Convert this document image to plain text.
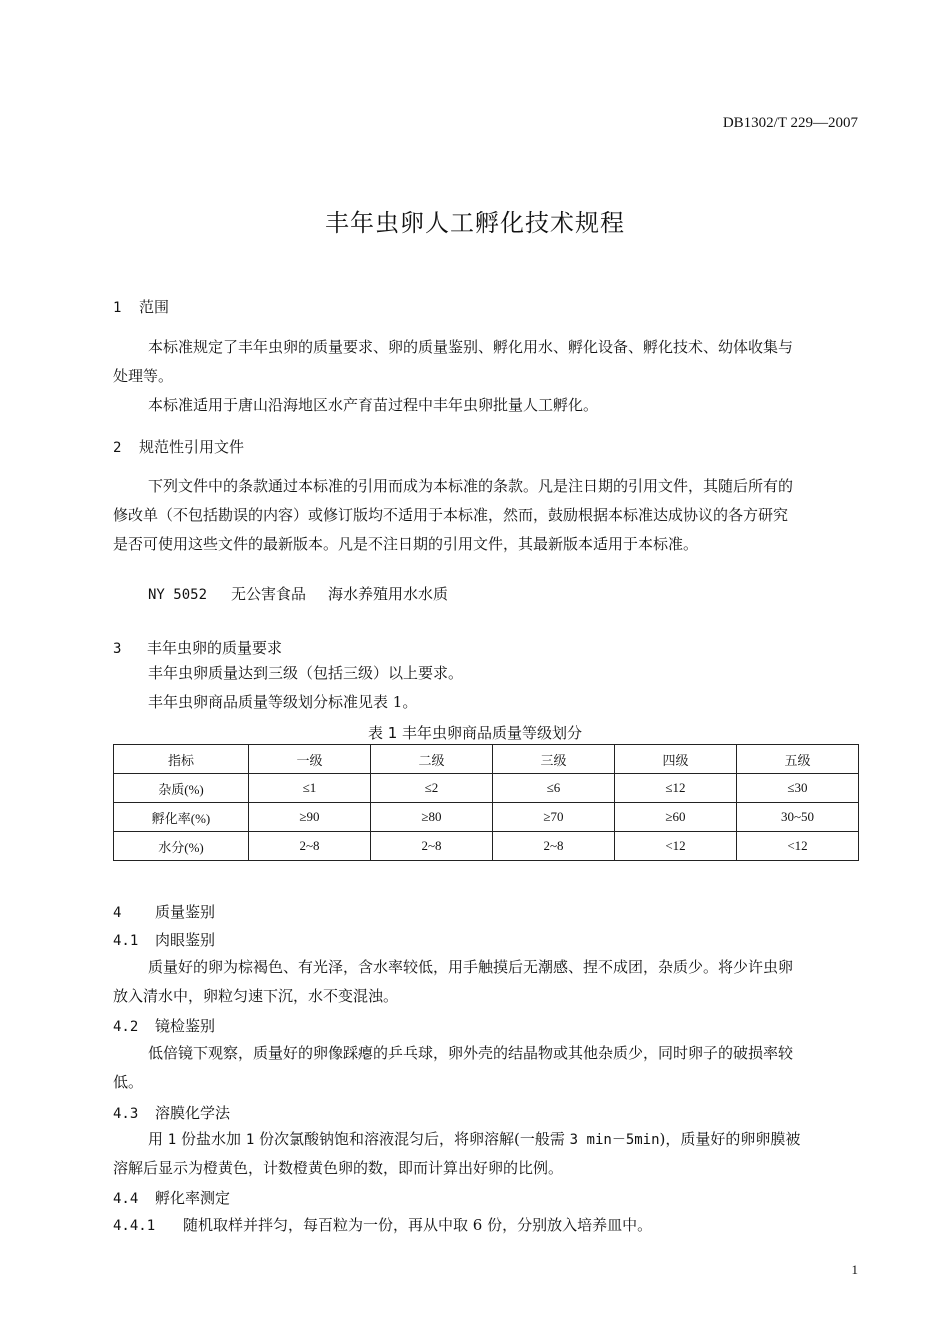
DB1302/T 229—2007
丰年虫卵人工孵化技术规程
1 范围
本标准规定了丰年虫卵的质量要求、卵的质量鉴别、孵化用水、孵化设备、孵化技术、幼体收集与
处理等。
本标准适用于唐山沿海地区水产育苗过程中丰年虫卵批量人工孵化。
2 规范性引用文件
下列文件中的条款通过本标准的引用而成为本标准的条款。凡是注日期的引用文件，其随后所有的
修改单（不包括勘误的内容）或修订版均不适用于本标准，然而，鼓励根据本标准达成协议的各方研究
是否可使用这些文件的最新版本。凡是不注日期的引用文件，其最新版本适用于本标准。
NY 5052 无公害食品 海水养殖用水水质
3 丰年虫卵的质量要求
丰年虫卵质量达到三级（包括三级）以上要求。
丰年虫卵商品质量等级划分标准见表 1。
表 1 丰年虫卵商品质量等级划分
指标	一级	二级	三级	四级	五级
杂质(%)	≤1	≤2	≤6	≤12	≤30
孵化率(%)	≥90	≥80	≥70	≥60	30~50
水分(%)	2~8	2~8	2~8	<12	<12
4 质量鉴别
4.1 肉眼鉴别
质量好的卵为棕褐色、有光泽，含水率较低，用手触摸后无潮感、捏不成团，杂质少。将少许虫卵
放入清水中，卵粒匀速下沉，水不变混浊。
4.2 镜检鉴别
低倍镜下观察，质量好的卵像踩瘪的乒乓球，卵外壳的结晶物或其他杂质少，同时卵子的破损率较
低。
4.3 溶膜化学法
用 1 份盐水加 1 份次氯酸钠饱和溶液混匀后，将卵溶解(一般需 3 min－5min)，质量好的卵卵膜被
溶解后显示为橙黄色，计数橙黄色卵的数，即而计算出好卵的比例。
4.4 孵化率测定
4.4.1 随机取样并拌匀，每百粒为一份，再从中取 6 份，分别放入培养皿中。
1
